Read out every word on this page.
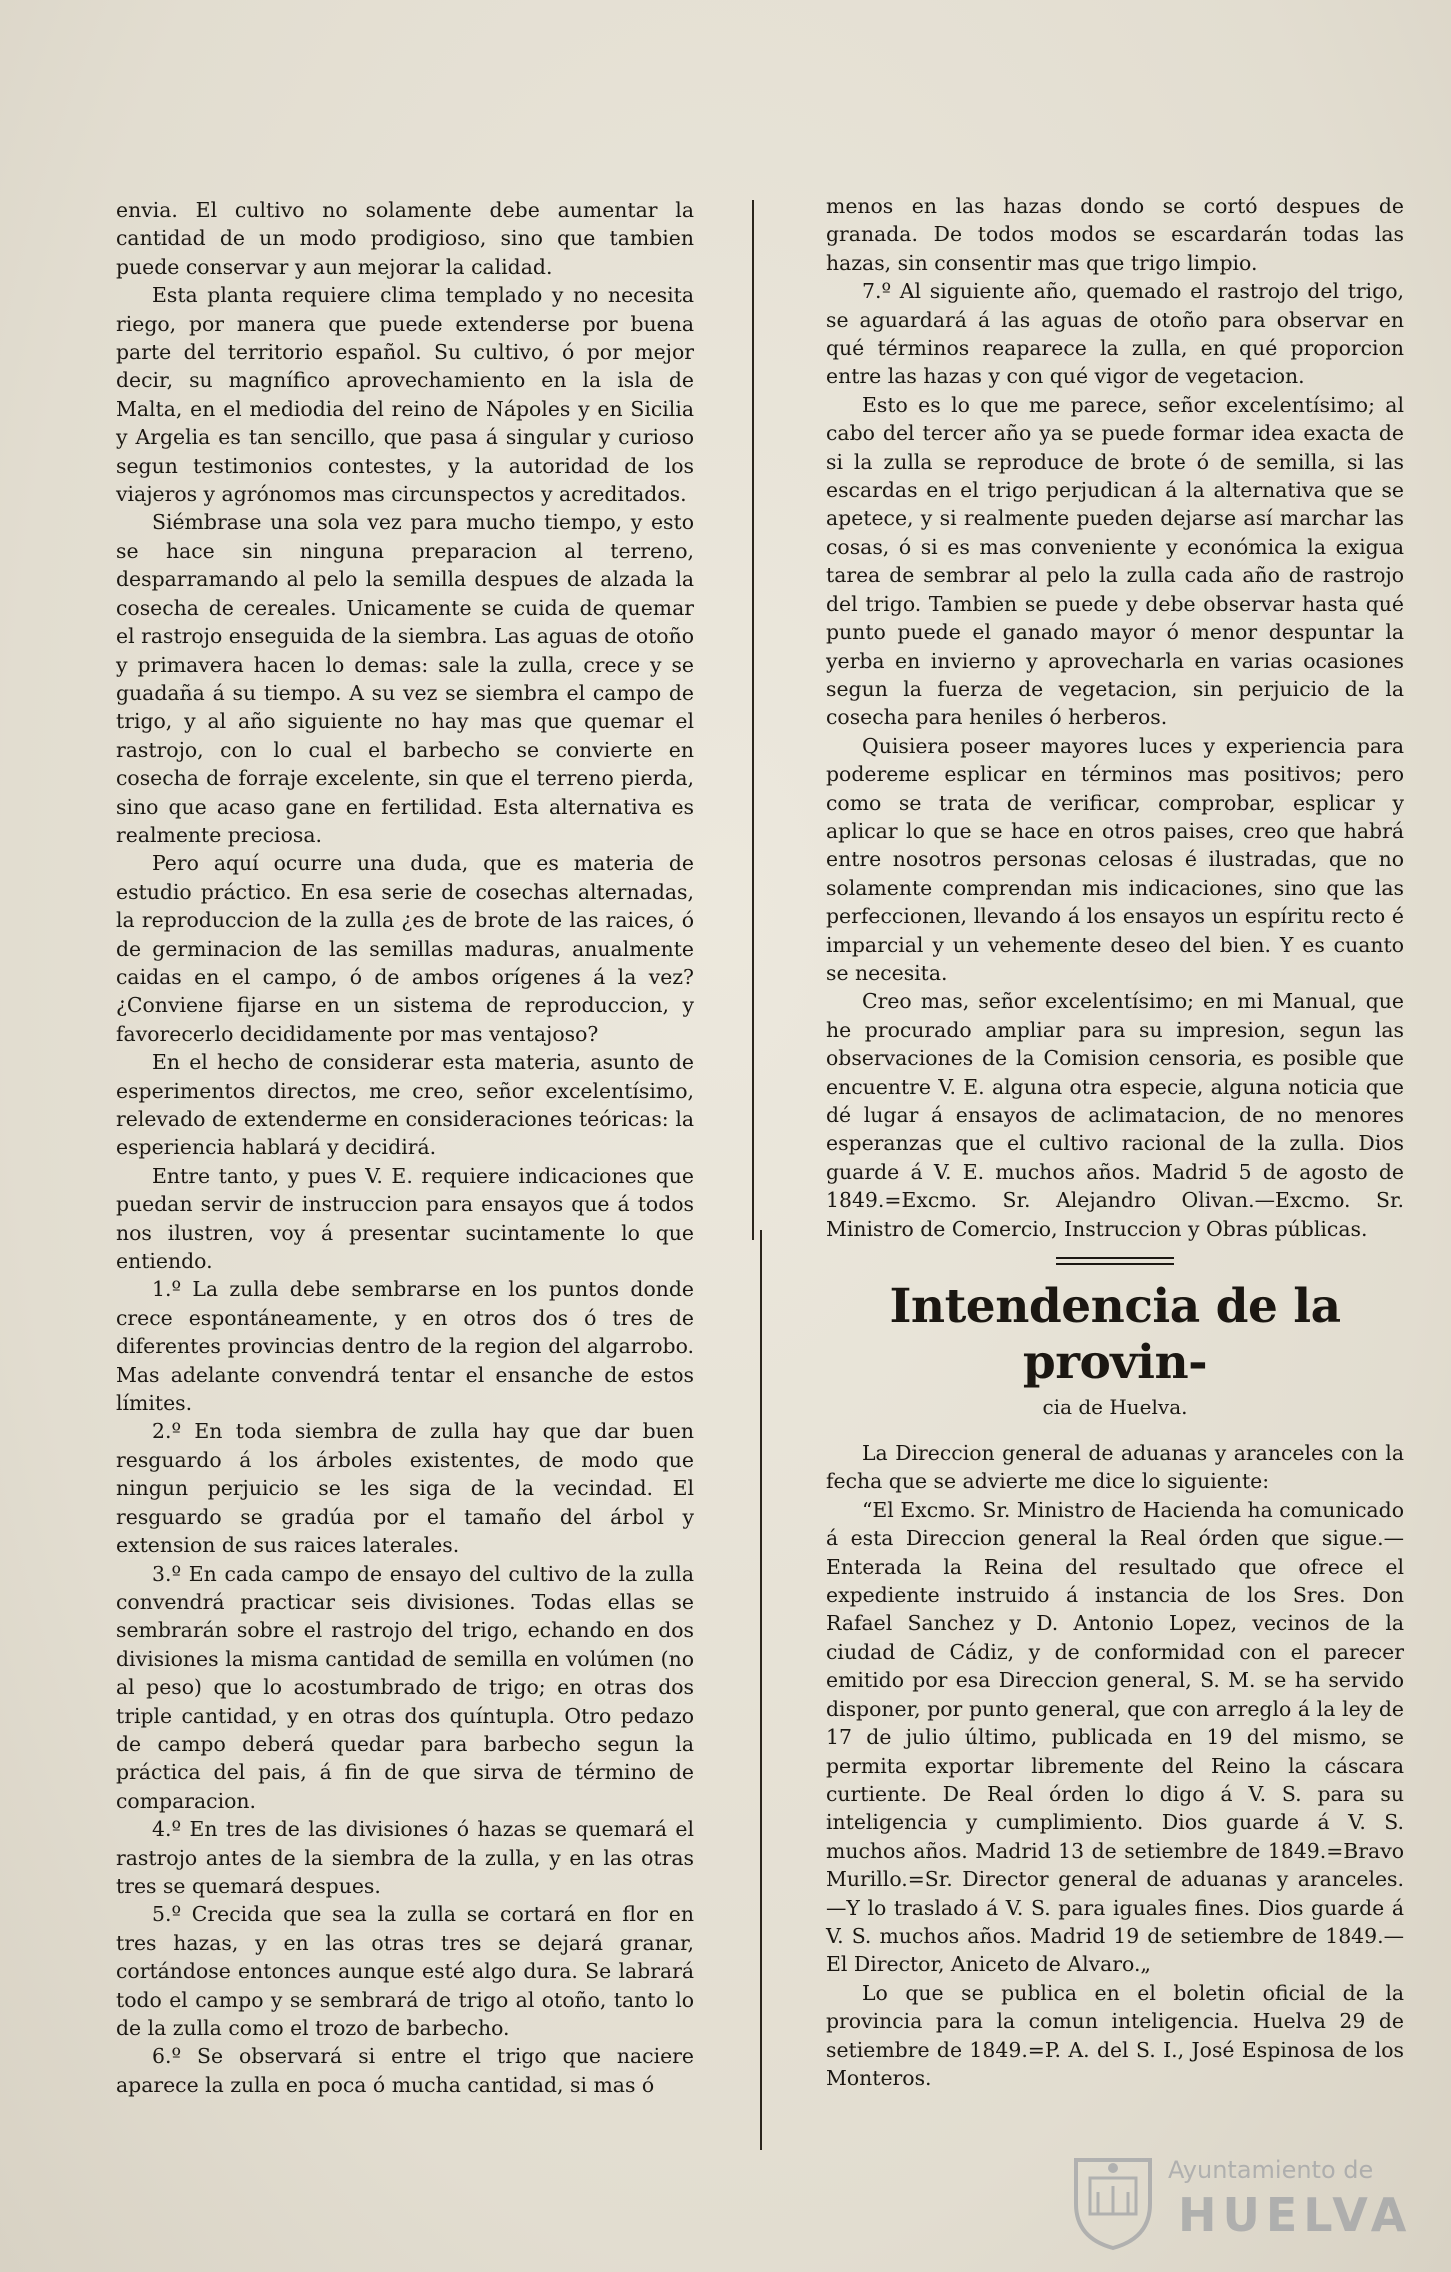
envia. El cultivo no solamente debe aumentar la cantidad de un modo prodigioso, sino que tambien puede conservar y aun mejorar la calidad.

Esta planta requiere clima templado y no necesita riego, por manera que puede extenderse por buena parte del territorio español. Su cultivo, ó por mejor decir, su magnífico aprovechamiento en la isla de Malta, en el mediodia del reino de Nápoles y en Sicilia y Argelia es tan sencillo, que pasa á singular y curioso segun testimonios contestes, y la autoridad de los viajeros y agrónomos mas circunspectos y acreditados.

Siémbrase una sola vez para mucho tiempo, y esto se hace sin ninguna preparacion al terreno, desparramando al pelo la semilla despues de alzada la cosecha de cereales. Unicamente se cuida de quemar el rastrojo enseguida de la siembra. Las aguas de otoño y primavera hacen lo demas: sale la zulla, crece y se guadaña á su tiempo. A su vez se siembra el campo de trigo, y al año siguiente no hay mas que quemar el rastrojo, con lo cual el barbecho se convierte en cosecha de forraje excelente, sin que el terreno pierda, sino que acaso gane en fertilidad. Esta alternativa es realmente preciosa.

Pero aquí ocurre una duda, que es materia de estudio práctico. En esa serie de cosechas alternadas, la reproduccion de la zulla ¿es de brote de las raices, ó de germinacion de las semillas maduras, anualmente caidas en el campo, ó de ambos orígenes á la vez? ¿Conviene fijarse en un sistema de reproduccion, y favorecerlo decididamente por mas ventajoso?

En el hecho de considerar esta materia, asunto de esperimentos directos, me creo, señor excelentísimo, relevado de extenderme en consideraciones teóricas: la esperiencia hablará y decidirá.

Entre tanto, y pues V. E. requiere indicaciones que puedan servir de instruccion para ensayos que á todos nos ilustren, voy á presentar sucintamente lo que entiendo.

1.º La zulla debe sembrarse en los puntos donde crece espontáneamente, y en otros dos ó tres de diferentes provincias dentro de la region del algarrobo. Mas adelante convendrá tentar el ensanche de estos límites.

2.º En toda siembra de zulla hay que dar buen resguardo á los árboles existentes, de modo que ningun perjuicio se les siga de la vecindad. El resguardo se gradúa por el tamaño del árbol y extension de sus raices laterales.

3.º En cada campo de ensayo del cultivo de la zulla convendrá practicar seis divisiones. Todas ellas se sembrarán sobre el rastrojo del trigo, echando en dos divisiones la misma cantidad de semilla en volúmen (no al peso) que lo acostumbrado de trigo; en otras dos triple cantidad, y en otras dos quíntupla. Otro pedazo de campo deberá quedar para barbecho segun la práctica del pais, á fin de que sirva de término de comparacion.

4.º En tres de las divisiones ó hazas se quemará el rastrojo antes de la siembra de la zulla, y en las otras tres se quemará despues.

5.º Crecida que sea la zulla se cortará en flor en tres hazas, y en las otras tres se dejará granar, cortándose entonces aunque esté algo dura. Se labrará todo el campo y se sembrará de trigo al otoño, tanto lo de la zulla como el trozo de barbecho.

6.º Se observará si entre el trigo que naciere aparece la zulla en poca ó mucha cantidad, si mas ó

menos en las hazas dondo se cortó despues de granada. De todos modos se escardarán todas las hazas, sin consentir mas que trigo limpio.

7.º Al siguiente año, quemado el rastrojo del trigo, se aguardará á las aguas de otoño para observar en qué términos reaparece la zulla, en qué proporcion entre las hazas y con qué vigor de vegetacion.

Esto es lo que me parece, señor excelentísimo; al cabo del tercer año ya se puede formar idea exacta de si la zulla se reproduce de brote ó de semilla, si las escardas en el trigo perjudican á la alternativa que se apetece, y si realmente pueden dejarse así marchar las cosas, ó si es mas conveniente y económica la exigua tarea de sembrar al pelo la zulla cada año de rastrojo del trigo. Tambien se puede y debe observar hasta qué punto puede el ganado mayor ó menor despuntar la yerba en invierno y aprovecharla en varias ocasiones segun la fuerza de vegetacion, sin perjuicio de la cosecha para heniles ó herberos.

Quisiera poseer mayores luces y experiencia para podereme esplicar en términos mas positivos; pero como se trata de verificar, comprobar, esplicar y aplicar lo que se hace en otros paises, creo que habrá entre nosotros personas celosas é ilustradas, que no solamente comprendan mis indicaciones, sino que las perfeccionen, llevando á los ensayos un espíritu recto é imparcial y un vehemente deseo del bien. Y es cuanto se necesita.

Creo mas, señor excelentísimo; en mi Manual, que he procurado ampliar para su impresion, segun las observaciones de la Comision censoria, es posible que encuentre V. E. alguna otra especie, alguna noticia que dé lugar á ensayos de aclimatacion, de no menores esperanzas que el cultivo racional de la zulla. Dios guarde á V. E. muchos años. Madrid 5 de agosto de 1849.=Excmo. Sr. Alejandro Olivan.—Excmo. Sr. Ministro de Comercio, Instruccion y Obras públicas.

Intendencia de la provin-
cia de Huelva.

La Direccion general de aduanas y aranceles con la fecha que se advierte me dice lo siguiente:

“El Excmo. Sr. Ministro de Hacienda ha comunicado á esta Direccion general la Real órden que sigue.—Enterada la Reina del resultado que ofrece el expediente instruido á instancia de los Sres. Don Rafael Sanchez y D. Antonio Lopez, vecinos de la ciudad de Cádiz, y de conformidad con el parecer emitido por esa Direccion general, S. M. se ha servido disponer, por punto general, que con arreglo á la ley de 17 de julio último, publicada en 19 del mismo, se permita exportar libremente del Reino la cáscara curtiente. De Real órden lo digo á V. S. para su inteligencia y cumplimiento. Dios guarde á V. S. muchos años. Madrid 13 de setiembre de 1849.=Bravo Murillo.=Sr. Director general de aduanas y aranceles.—Y lo traslado á V. S. para iguales fines. Dios guarde á V. S. muchos años. Madrid 19 de setiembre de 1849.—El Director, Aniceto de Alvaro.„

Lo que se publica en el boletin oficial de la provincia para la comun inteligencia. Huelva 29 de setiembre de 1849.=P. A. del S. I., José Espinosa de los Monteros.

Ayuntamiento de
HUELVA
